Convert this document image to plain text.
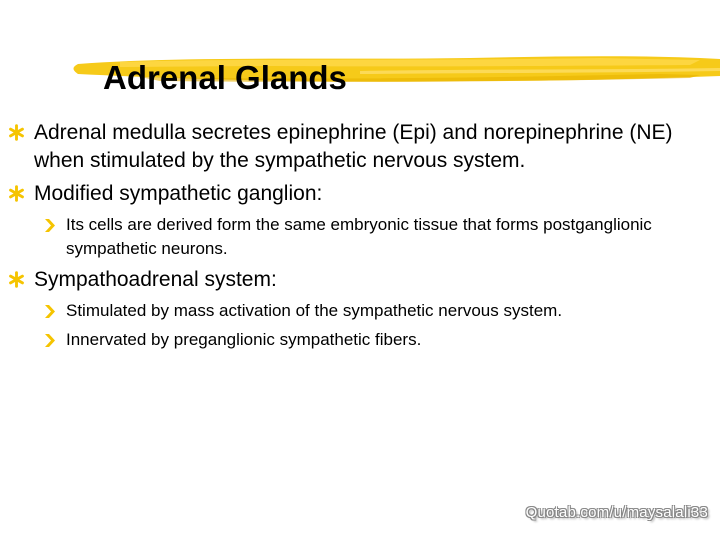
Adrenal Glands
Adrenal medulla secretes epinephrine (Epi) and norepinephrine (NE) when stimulated by the sympathetic nervous system.
Modified sympathetic ganglion:
Its cells are derived form the same embryonic tissue that forms postganglionic sympathetic neurons.
Sympathoadrenal system:
Stimulated by mass activation of the sympathetic nervous system.
Innervated by preganglionic sympathetic fibers.
Quotab.com/u/maysalali33
